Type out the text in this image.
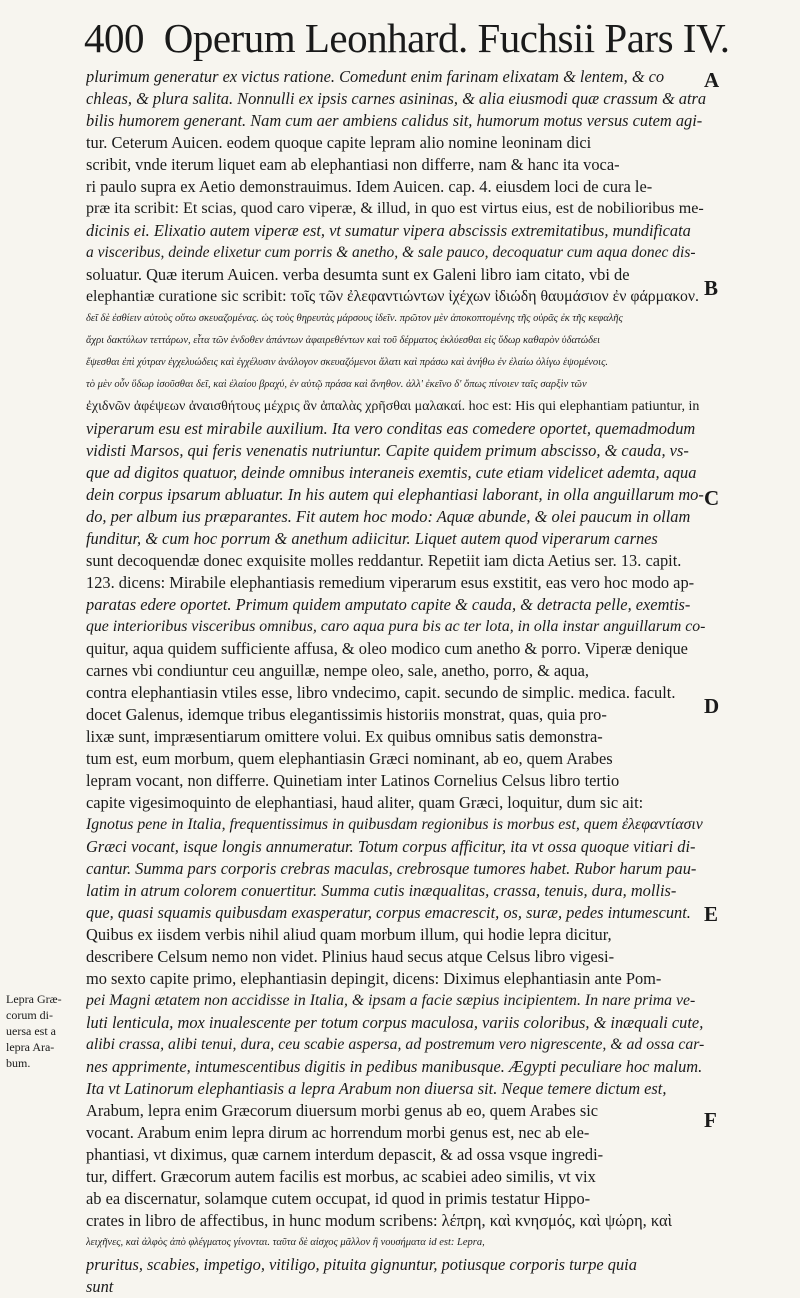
400 Operum Leonhard. Fuchsii Pars IV.
A
B
C
D
E
F
Lepra Græ-
corum di-
uersa est a
lepra Ara-
bum.
plurimum generatur ex victus ratione. Comedunt enim farinam elixatam & lentem, & co
chleas, & plura salita. Nonnulli ex ipsis carnes asininas, & alia eiusmodi quæ crassum & atra
bilis humorem generant. Nam cum aer ambiens calidus sit, humorum motus versus cutem agi-
tur. Ceterum Auicen. eodem quoque capite lepram alio nomine leoninam dici
scribit, vnde iterum liquet eam ab elephantiasi non differre, nam & hanc ita voca-
ri paulo supra ex Aetio demonstrauimus. Idem Auicen. cap. 4. eiusdem loci de cura le-
præ ita scribit: Et scias, quod caro viperæ, & illud, in quo est virtus eius, est de nobilioribus me-
dicinis ei. Elixatio autem viperæ est, vt sumatur vipera abscissis extremitatibus, mundificata
a visceribus, deinde elixetur cum porris & anetho, & sale pauco, decoquatur cum aqua donec dis-
soluatur. Quæ iterum Auicen. verba desumta sunt ex Galeni libro iam citato, vbi de
elephantiæ curatione sic scribit: τοῖς τῶν ἐλεφαντιώντων ἰχέχων ἰδιώδη θαυμάσιον ἐν φάρμακον.
δεῖ δὲ ἐσθίειν αὐτοὺς οὕτω σκευαζομένας. ὡς τοὺς θηρευτὰς μάρσους ἰδεῖν. πρῶτον μὲν ἀποκοπτομένης τῆς οὐρᾶς ἐκ τῆς κεφαλῆς
ἄχρι δακτύλων τεττάρων, εἶτα τῶν ἐνδοθεν ἁπάντων ἀφαιρεθέντων καὶ τοῦ δέρματος ἐκλύεσθαι εἰς ὕδωρ καθαρὸν ὑδατώδει
ἕψεσθαι ἐπὶ χύτραν ἐγχελυώδεις καὶ ἐγχέλυσιν ἀνάλογον σκευαζόμενοι ἄλατι καὶ πράσω καὶ ἀνήθω ἐν ἐλαίω ὀλίγω ἑψομένοις.
τὸ μὲν οὖν ὕδωρ ἰσοῦσθαι δεῖ, καὶ ἐλαίου βραχύ, ἐν αὐτῷ πράσα καὶ ἄνηθον. ἀλλ' ἐκεῖνο δ' ὅπως πίνοιεν ταῖς σαρξὶν τῶν
ἐχιδνῶν ἀφέψεων ἀναισθήτους μέχρις ἂν ἁπαλὰς χρῆσθαι μαλακαί. hoc est: His qui elephantiam patiuntur, in
viperarum esu est mirabile auxilium. Ita vero conditas eas comedere oportet, quemadmodum
vidisti Marsos, qui feris venenatis nutriuntur. Capite quidem primum abscisso, & cauda, vs-
que ad digitos quatuor, deinde omnibus interaneis exemtis, cute etiam videlicet ademta, aqua
dein corpus ipsarum abluatur. In his autem qui elephantiasi laborant, in olla anguillarum mo-
do, per album ius præparantes. Fit autem hoc modo: Aquæ abunde, & olei paucum in ollam
funditur, & cum hoc porrum & anethum adiicitur. Liquet autem quod viperarum carnes
sunt decoquendæ donec exquisite molles reddantur. Repetiit iam dicta Aetius ser. 13. capit.
123. dicens: Mirabile elephantiasis remedium viperarum esus exstitit, eas vero hoc modo ap-
paratas edere oportet. Primum quidem amputato capite & cauda, & detracta pelle, exemtis-
que interioribus visceribus omnibus, caro aqua pura bis ac ter lota, in olla instar anguillarum co-
quitur, aqua quidem sufficiente affusa, & oleo modico cum anetho & porro. Viperæ denique
carnes vbi condiuntur ceu anguillæ, nempe oleo, sale, anetho, porro, & aqua,
contra elephantiasin vtiles esse, libro vndecimo, capit. secundo de simplic. medica. facult.
docet Galenus, idemque tribus elegantissimis historiis monstrat, quas, quia pro-
lixæ sunt, impræsentiarum omittere volui. Ex quibus omnibus satis demonstra-
tum est, eum morbum, quem elephantiasin Græci nominant, ab eo, quem Arabes
lepram vocant, non differre. Quinetiam inter Latinos Cornelius Celsus libro tertio
capite vigesimoquinto de elephantiasi, haud aliter, quam Græci, loquitur, dum sic ait:
Ignotus pene in Italia, frequentissimus in quibusdam regionibus is morbus est, quem ἐλεφαντίασιν
Græci vocant, isque longis annumeratur. Totum corpus afficitur, ita vt ossa quoque vitiari di-
cantur. Summa pars corporis crebras maculas, crebrosque tumores habet. Rubor harum pau-
latim in atrum colorem conuertitur. Summa cutis inæqualitas, crassa, tenuis, dura, mollis-
que, quasi squamis quibusdam exasperatur, corpus emacrescit, os, suræ, pedes intumescunt.
Quibus ex iisdem verbis nihil aliud quam morbum illum, qui hodie lepra dicitur,
describere Celsum nemo non videt. Plinius haud secus atque Celsus libro vigesi-
mo sexto capite primo, elephantiasin depingit, dicens: Diximus elephantiasin ante Pom-
pei Magni ætatem non accidisse in Italia, & ipsam a facie sæpius incipientem. In nare prima ve-
luti lenticula, mox inualescente per totum corpus maculosa, variis coloribus, & inæquali cute,
alibi crassa, alibi tenui, dura, ceu scabie aspersa, ad postremum vero nigrescente, & ad ossa car-
nes apprimente, intumescentibus digitis in pedibus manibusque. Ægypti peculiare hoc malum.
Ita vt Latinorum elephantiasis a lepra Arabum non diuersa sit. Neque temere dictum est,
Arabum, lepra enim Græcorum diuersum morbi genus ab eo, quem Arabes sic
vocant. Arabum enim lepra dirum ac horrendum morbi genus est, nec ab ele-
phantiasi, vt diximus, quæ carnem interdum depascit, & ad ossa vsque ingredi-
tur, differt. Græcorum autem facilis est morbus, ac scabiei adeo similis, vt vix
ab ea discernatur, solamque cutem occupat, id quod in primis testatur Hippo-
crates in libro de affectibus, in hunc modum scribens: λέπρη, καὶ κνησμός, καὶ ψώρη, καὶ
λειχῆνες, καὶ ἀλφὸς ἀπὸ φλέγματος γίνονται. ταῦτα δὲ αἰσχος μᾶλλον ἢ νουσήματα id est: Lepra,
pruritus, scabies, impetigo, vitiligo, pituita gignuntur, potiusque corporis turpe quia
sunt
